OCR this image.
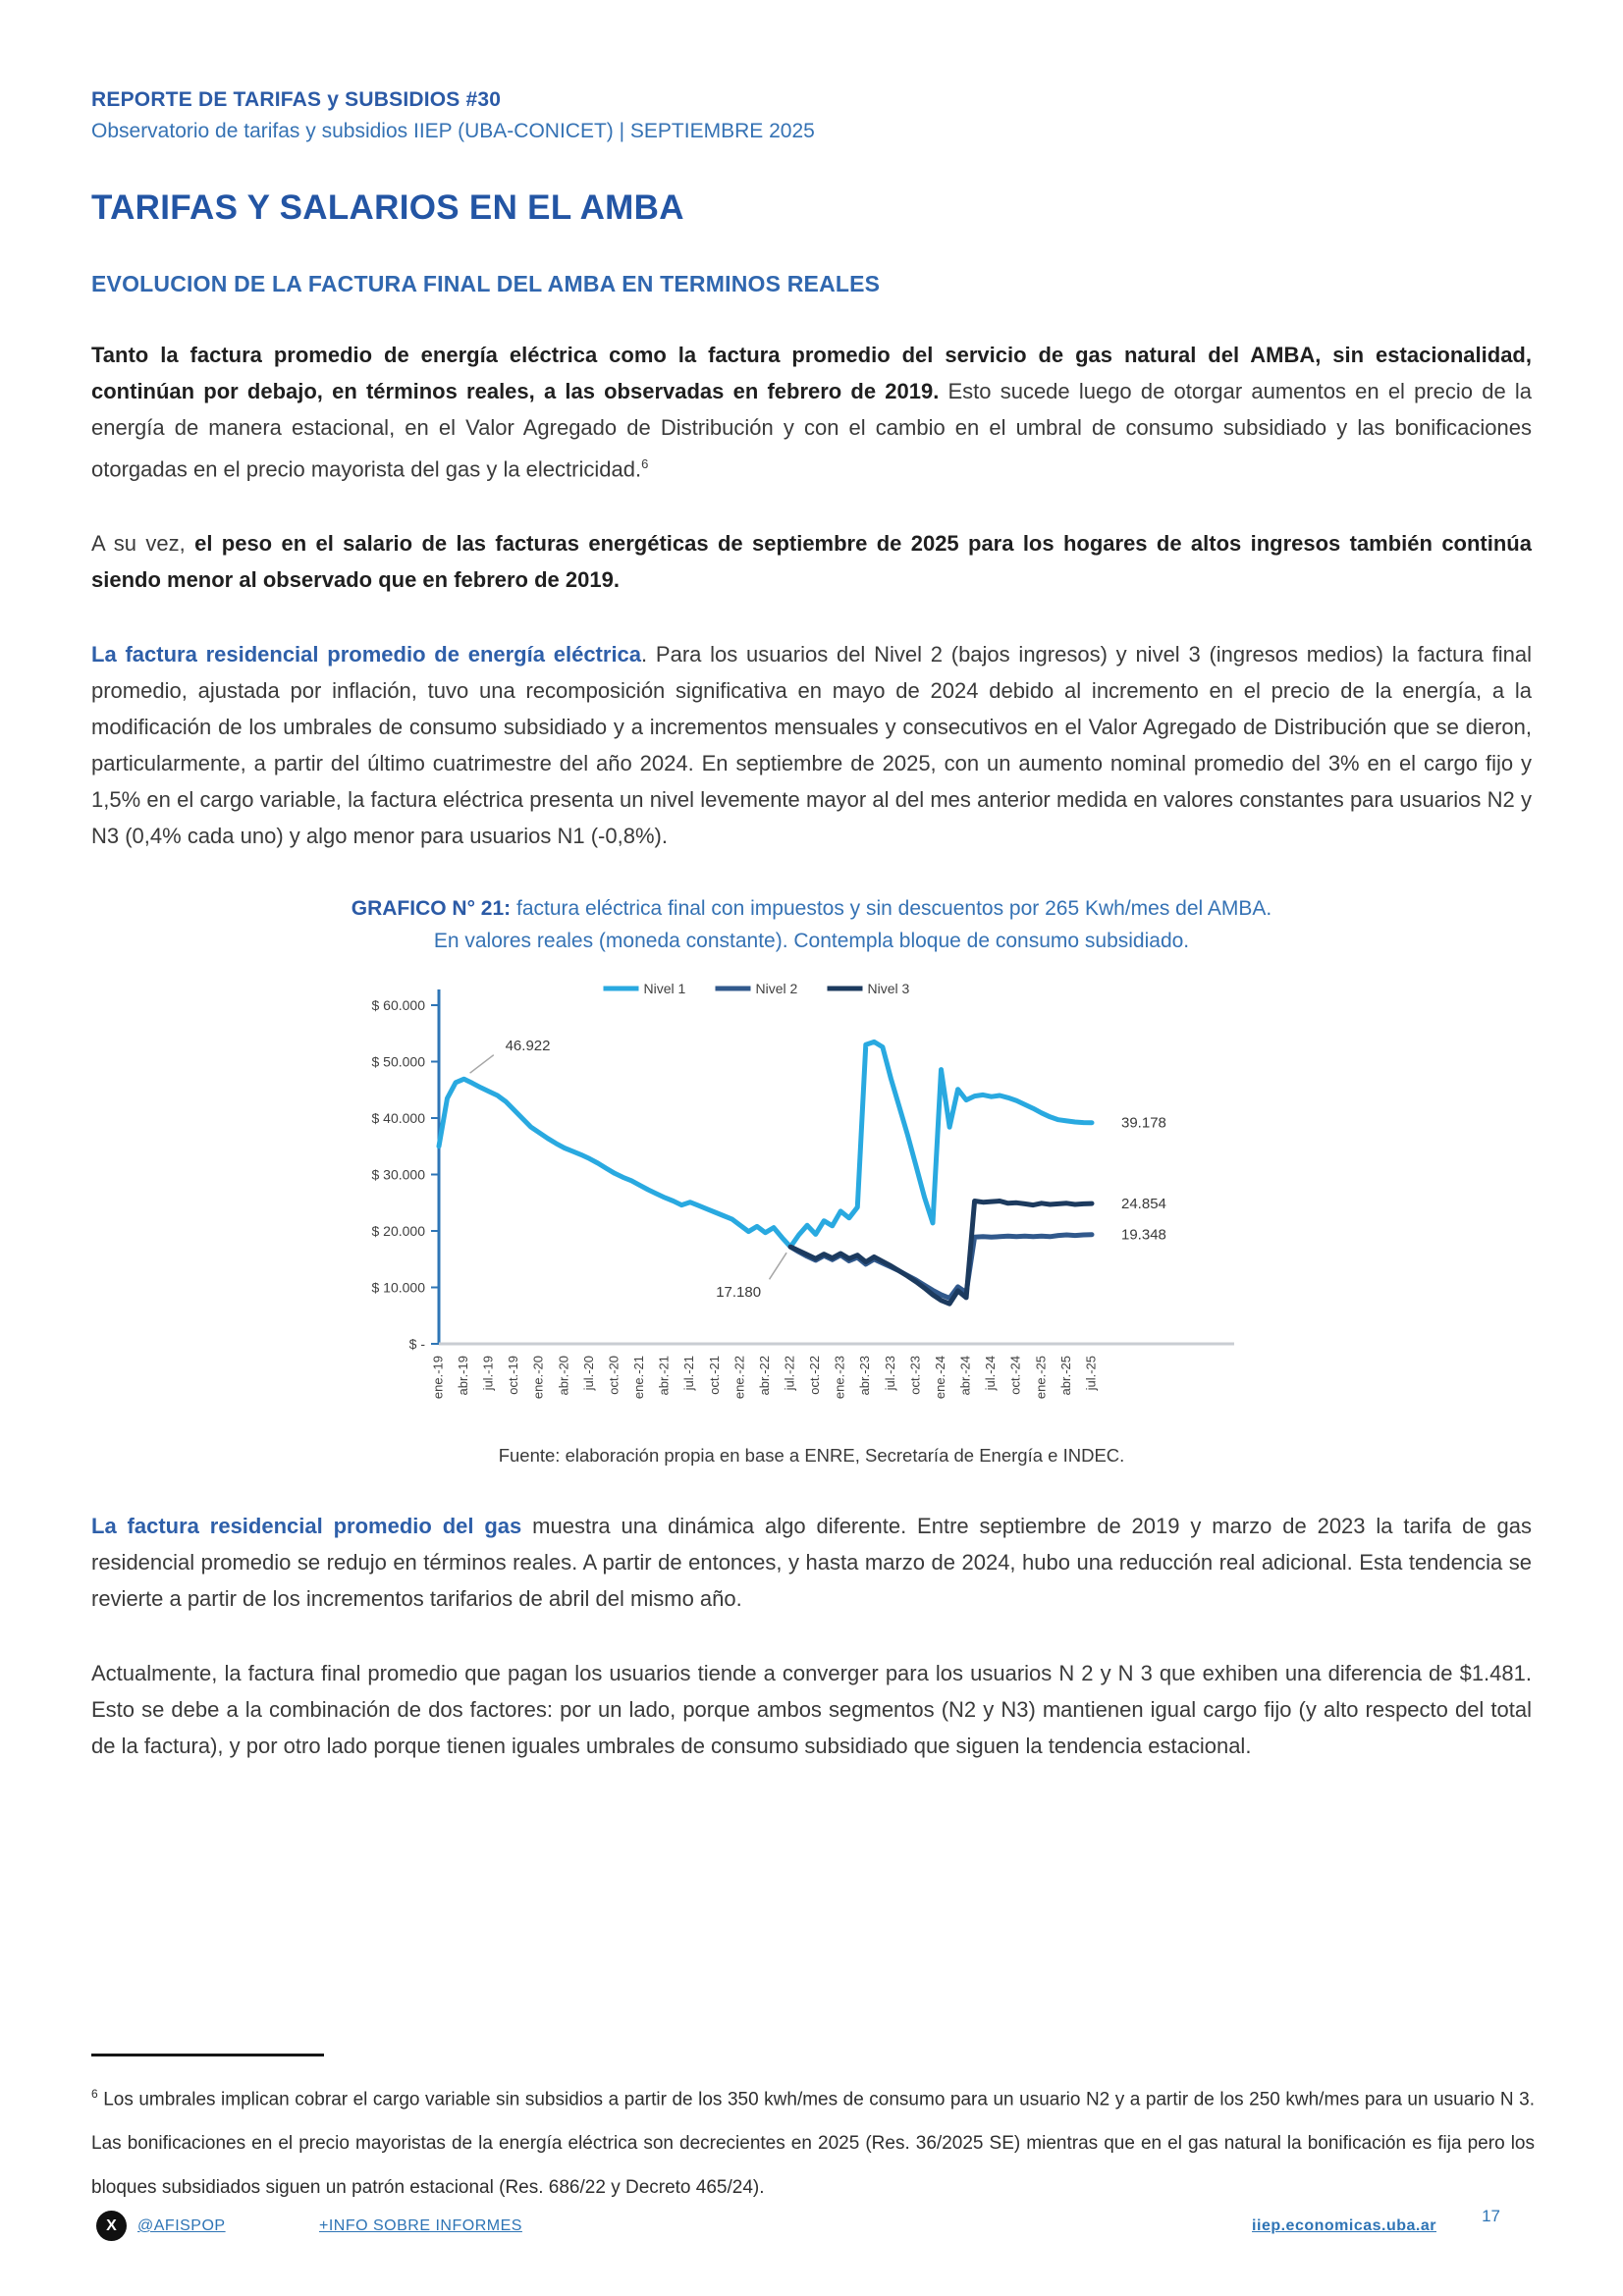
REPORTE DE TARIFAS y SUBSIDIOS #30
Observatorio de tarifas y subsidios IIEP (UBA-CONICET) | SEPTIEMBRE 2025
TARIFAS Y SALARIOS EN EL AMBA
EVOLUCION DE LA FACTURA FINAL DEL AMBA EN TERMINOS REALES

Tanto la factura promedio de energía eléctrica como la factura promedio del servicio de gas natural del AMBA, sin estacionalidad, continúan por debajo, en términos reales, a las observadas en febrero de 2019. Esto sucede luego de otorgar aumentos en el precio de la energía de manera estacional, en el Valor Agregado de Distribución y con el cambio en el umbral de consumo subsidiado y las bonificaciones otorgadas en el precio mayorista del gas y la electricidad.$^6$

A su vez, el peso en el salario de las facturas energéticas de septiembre de 2025 para los hogares de altos ingresos también continúa siendo menor al observado que en febrero de 2019.

La factura residencial promedio de energía eléctrica. Para los usuarios del Nivel 2 (bajos ingresos) y nivel 3 (ingresos medios) la factura final promedio, ajustada por inflación, tuvo una recomposición significativa en mayo de 2024 debido al incremento en el precio de la energía, a la modificación de los umbrales de consumo subsidiado y a incrementos mensuales y consecutivos en el Valor Agregado de Distribución que se dieron, particularmente, a partir del último cuatrimestre del año 2024. En septiembre de 2025, con un aumento nominal promedio del 3% en el cargo fijo y 1,5% en el cargo variable, la factura eléctrica presenta un nivel levemente mayor al del mes anterior medida en valores constantes para usuarios N2 y N3 (0,4% cada uno) y algo menor para usuarios N1 (-0,8%).

GRAFICO N° 21: factura eléctrica final con impuestos y sin descuentos por 265 Kwh/mes del AMBA.
En valores reales (moneda constante). Contempla bloque de consumo subsidiado.
Nivel 1	Nivel 2	Nivel 3
$ 60.000
$ 50.000
$ 40.000
$ 30.000
$ 20.000
$ 10.000
$ -
ene.-19 abr.-19 jul.-19 oct.-19 ene.-20 abr.-20 jul.-20 oct.-20 ene.-21 abr.-21 jul.-21 oct.-21 ene.-22 abr.-22 jul.-22 oct.-22 ene.-23 abr.-23 jul.-23 oct.-23 ene.-24 abr.-24 jul.-24 oct.-24 ene.-25 abr.-25 jul.-25
39.178
19.348
24.854
46.922
17.180
Fuente: elaboración propia en base a ENRE, Secretaría de Energía e INDEC.

La factura residencial promedio del gas muestra una dinámica algo diferente. Entre septiembre de 2019 y marzo de 2023 la tarifa de gas residencial promedio se redujo en términos reales. A partir de entonces, y hasta marzo de 2024, hubo una reducción real adicional. Esta tendencia se revierte a partir de los incrementos tarifarios de abril del mismo año.

Actualmente, la factura final promedio que pagan los usuarios tiende a converger para los usuarios N 2 y N 3 que exhiben una diferencia de $1.481. Esto se debe a la combinación de dos factores: por un lado, porque ambos segmentos (N2 y N3) mantienen igual cargo fijo (y alto respecto del total de la factura), y por otro lado porque tienen iguales umbrales de consumo subsidiado que siguen la tendencia estacional.

$^6$ Los umbrales implican cobrar el cargo variable sin subsidios a partir de los 350 kwh/mes de consumo para un usuario N2 y a partir de los 250 kwh/mes para un usuario N 3. Las bonificaciones en el precio mayoristas de la energía eléctrica son decrecientes en 2025 (Res. 36/2025 SE) mientras que en el gas natural la bonificación es fija pero los bloques subsidiados siguen un patrón estacional (Res. 686/22 y Decreto 465/24).

X	@AFISPOP	+INFO SOBRE INFORMES	iiep.economicas.uba.ar
17
